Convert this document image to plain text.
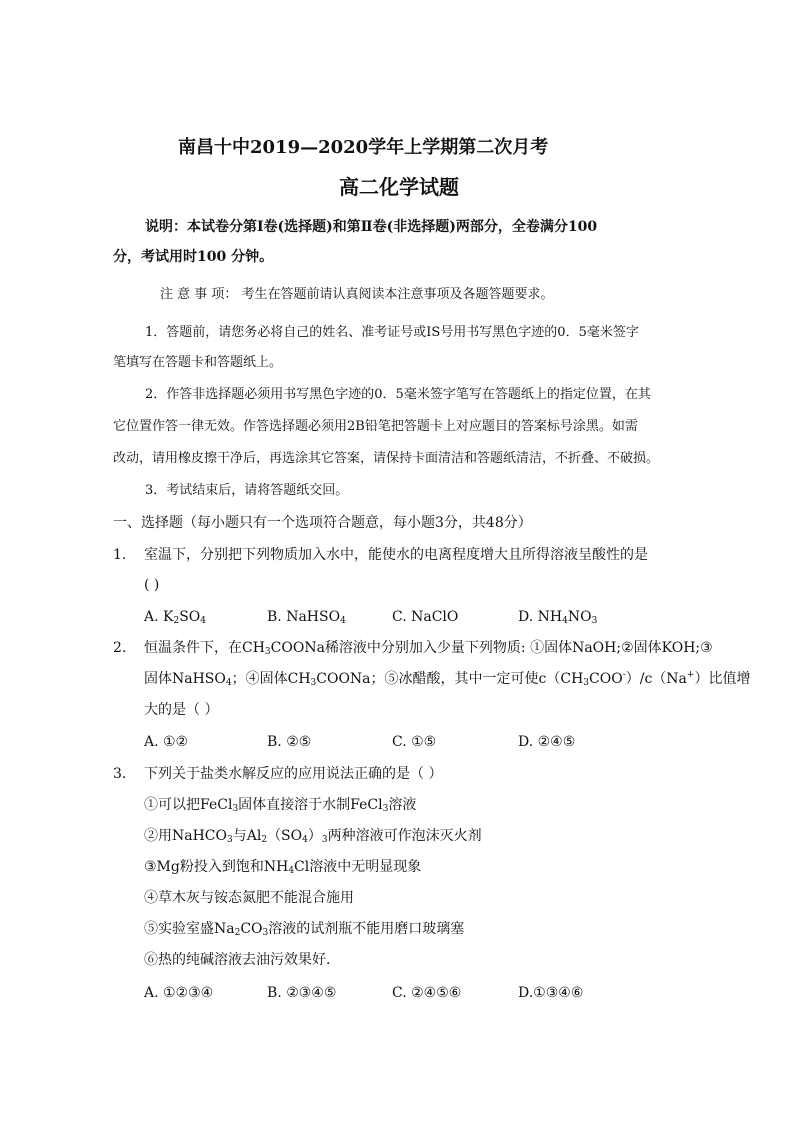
南昌十中2019—2020学年上学期第二次月考
高二化学试题
说明：本试卷分第Ⅰ卷(选择题)和第Ⅱ卷(非选择题)两部分，全卷满分100
分，考试用时100 分钟。
注 意 事 项： 考生在答题前请认真阅读本注意事项及各题答题要求。
1．答题前，请您务必将自己的姓名、准考证号或IS号用书写黑色字迹的0．5毫米签字
笔填写在答题卡和答题纸上。
2．作答非选择题必须用书写黑色字迹的0．5毫米签字笔写在答题纸上的指定位置，在其
它位置作答一律无效。作答选择题必须用2B铅笔把答题卡上对应题目的答案标号涂黑。如需
改动，请用橡皮擦干净后，再选涂其它答案，请保持卡面清洁和答题纸清洁，不折叠、不破损。
3．考试结束后，请将答题纸交回。
一、选择题（每小题只有一个选项符合题意，每小题3分，共48分）
1. 室温下，分别把下列物质加入水中，能使水的电离程度增大且所得溶液呈酸性的是
( )
A. $K_2SO_4$	B. NaHSO$_4$	C. NaClO	D. $NH_4NO_3$
2. 恒温条件下，在$CH_3COONa$稀溶液中分别加入少量下列物质: ①固体NaOH;②固体KOH;③
固体NaHSO$_4$；④固体$CH_3COONa$；⑤冰醋酸，其中一定可使$c(CH_3COO^-)/c(Na^+)$比值增
大的是（ ）
A. ①②	B. ②⑤	C. ①⑤	D. ②④⑤
3. 下列关于盐类水解反应的应用说法正确的是（ ）
①可以把FeCl$_3$固体直接溶于水制FeCl$_3$溶液
②用NaHCO$_3$与$Al_2(SO_4)_3$两种溶液可作泡沫灭火剂
③Mg粉投入到饱和$NH_4Cl$溶液中无明显现象
④草木灰与铵态氮肥不能混合施用
⑤实验室盛$Na_2CO_3$溶液的试剂瓶不能用磨口玻璃塞
⑥热的纯碱溶液去油污效果好.
A. ①②③④	B. ②③④⑤	C. ②④⑤⑥	D.①③④⑥
